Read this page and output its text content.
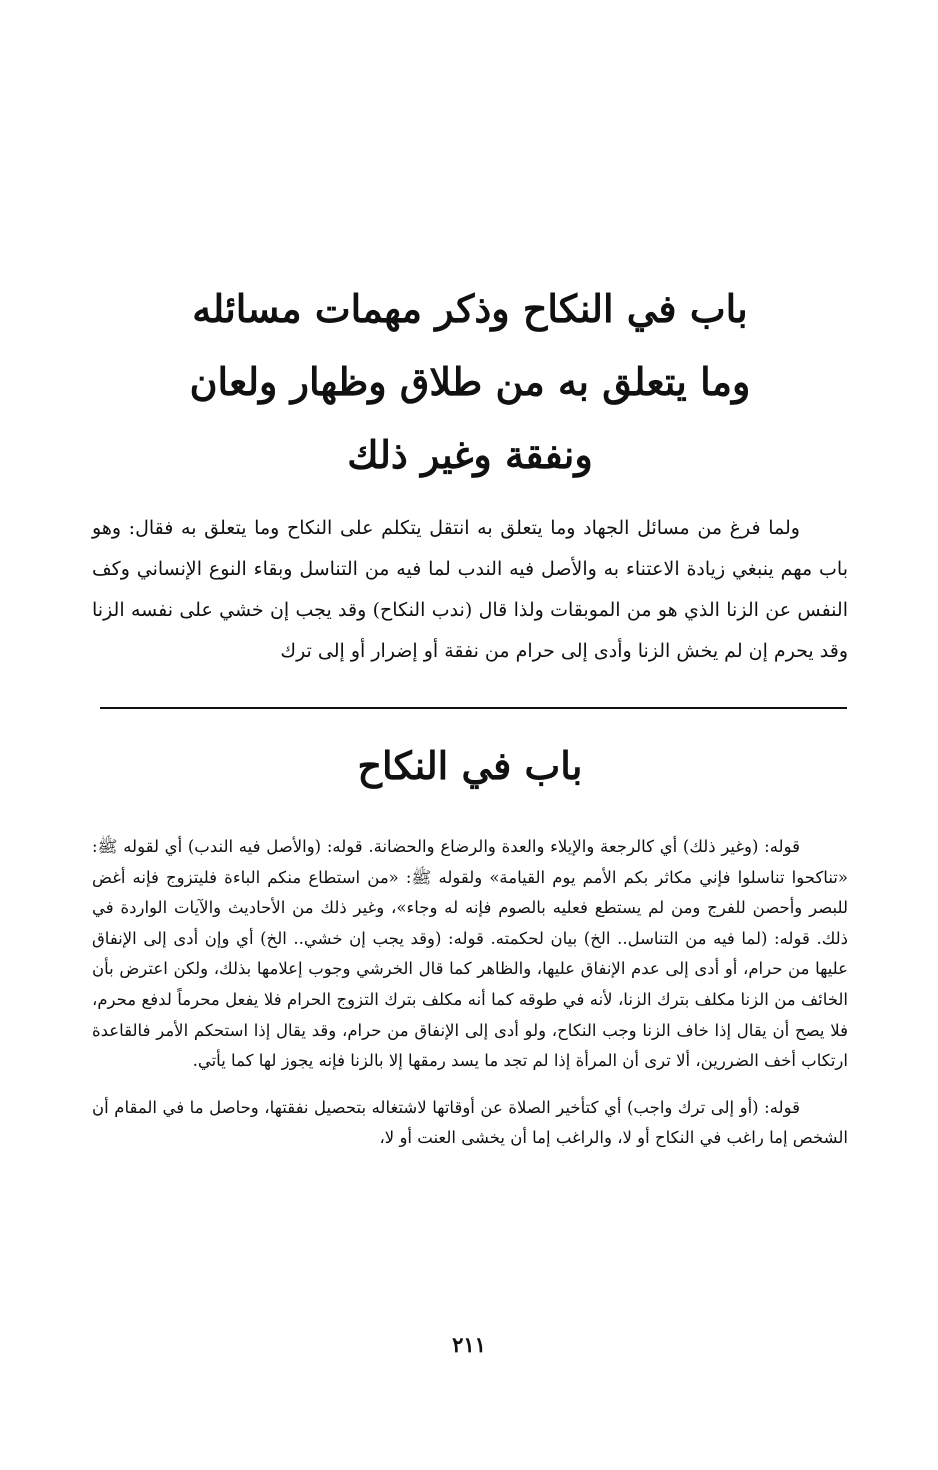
باب في النكاح وذكر مهمات مسائله
وما يتعلق به من طلاق وظهار ولعان
ونفقة وغير ذلك

ولما فرغ من مسائل الجهاد وما يتعلق به انتقل يتكلم على النكاح وما يتعلق به فقال: وهو باب مهم ينبغي زيادة الاعتناء به والأصل فيه الندب لما فيه من التناسل وبقاء النوع الإنساني وكف النفس عن الزنا الذي هو من الموبقات ولذا قال (ندب النكاح) وقد يجب إن خشي على نفسه الزنا وقد يحرم إن لم يخش الزنا وأدى إلى حرام من نفقة أو إضرار أو إلى ترك

باب في النكاح

قوله: (وغير ذلك) أي كالرجعة والإيلاء والعدة والرضاع والحضانة. قوله: (والأصل فيه الندب) أي لقوله ﷺ: «تناكحوا تناسلوا فإني مكاثر بكم الأمم يوم القيامة» ولقوله ﷺ: «من استطاع منكم الباءة فليتزوج فإنه أغض للبصر وأحصن للفرج ومن لم يستطع فعليه بالصوم فإنه له وجاء»، وغير ذلك من الأحاديث والآيات الواردة في ذلك. قوله: (لما فيه من التناسل.. الخ) بيان لحكمته. قوله: (وقد يجب إن خشي.. الخ) أي وإن أدى إلى الإنفاق عليها من حرام، أو أدى إلى عدم الإنفاق عليها، والظاهر كما قال الخرشي وجوب إعلامها بذلك، ولكن اعترض بأن الخائف من الزنا مكلف بترك الزنا، لأنه في طوقه كما أنه مكلف بترك التزوج الحرام فلا يفعل محرماً لدفع محرم، فلا يصح أن يقال إذا خاف الزنا وجب النكاح، ولو أدى إلى الإنفاق من حرام، وقد يقال إذا استحكم الأمر فالقاعدة ارتكاب أخف الضررين، ألا ترى أن المرأة إذا لم تجد ما يسد رمقها إلا بالزنا فإنه يجوز لها كما يأتي.

قوله: (أو إلى ترك واجب) أي كتأخير الصلاة عن أوقاتها لاشتغاله بتحصيل نفقتها، وحاصل ما في المقام أن الشخص إما راغب في النكاح أو لا، والراغب إما أن يخشى العنت أو لا،

٢١١
